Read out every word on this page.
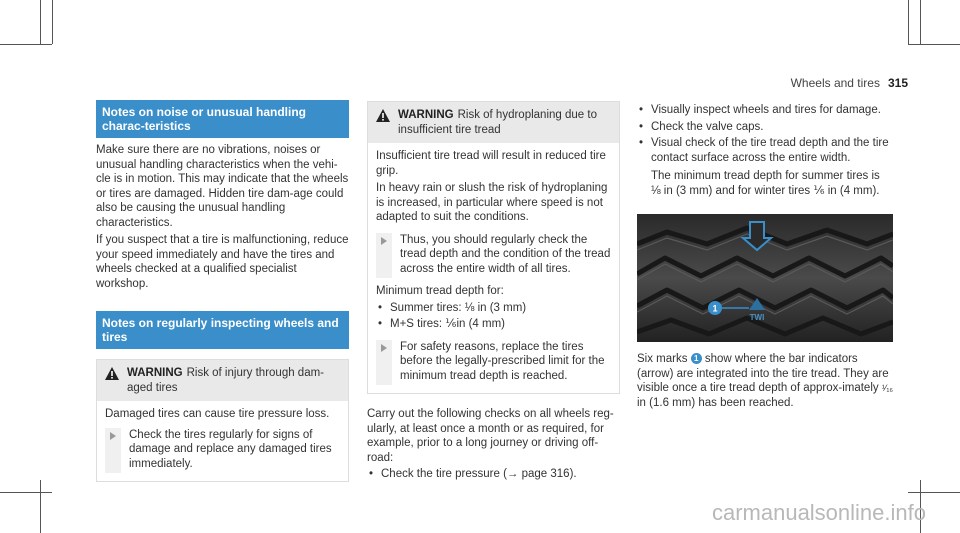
Wheels and tires 315
Notes on noise or unusual handling charac-teristics

Make sure there are no vibrations, noises or unusual handling characteristics when the vehi-cle is in motion. This may indicate that the wheels or tires are damaged. Hidden tire dam-age could also be causing the unusual handling characteristics.

If you suspect that a tire is malfunctioning, reduce your speed immediately and have the tires and wheels checked at a qualified specialist workshop.

Notes on regularly inspecting wheels and tires
WARNING Risk of injury through dam-aged tires

Damaged tires can cause tire pressure loss.

Check the tires regularly for signs of damage and replace any damaged tires immediately.
WARNING Risk of hydroplaning due to insufficient tire tread

Insufficient tire tread will result in reduced tire grip.

In heavy rain or slush the risk of hydroplaning is increased, in particular where speed is not adapted to suit the conditions.

Thus, you should regularly check the tread depth and the condition of the tread across the entire width of all tires.

Minimum tread depth for:

• Summer tires: ⅛ in (3 mm)
• M+S tires: ⅙in (4 mm)
For safety reasons, replace the tires before the legally-prescribed limit for the minimum tread depth is reached.

Carry out the following checks on all wheels reg-ularly, at least once a month or as required, for example, prior to a long journey or driving off-road:

• Check the tire pressure (→ page 316).
• Visually inspect wheels and tires for damage.
• Check the valve caps.
• Visual check of the tire tread depth and the tire contact surface across the entire width.

The minimum tread depth for summer tires is
⅛ in (3 mm) and for winter tires ⅙ in (4 mm).

1
TWI

Six marks 1 show where the bar indicators (arrow) are integrated into the tire tread. They are visible once a tire tread depth of approx-imately ¹⁄₁₆ in (1.6 mm) has been reached.

carmanualsonline.info
